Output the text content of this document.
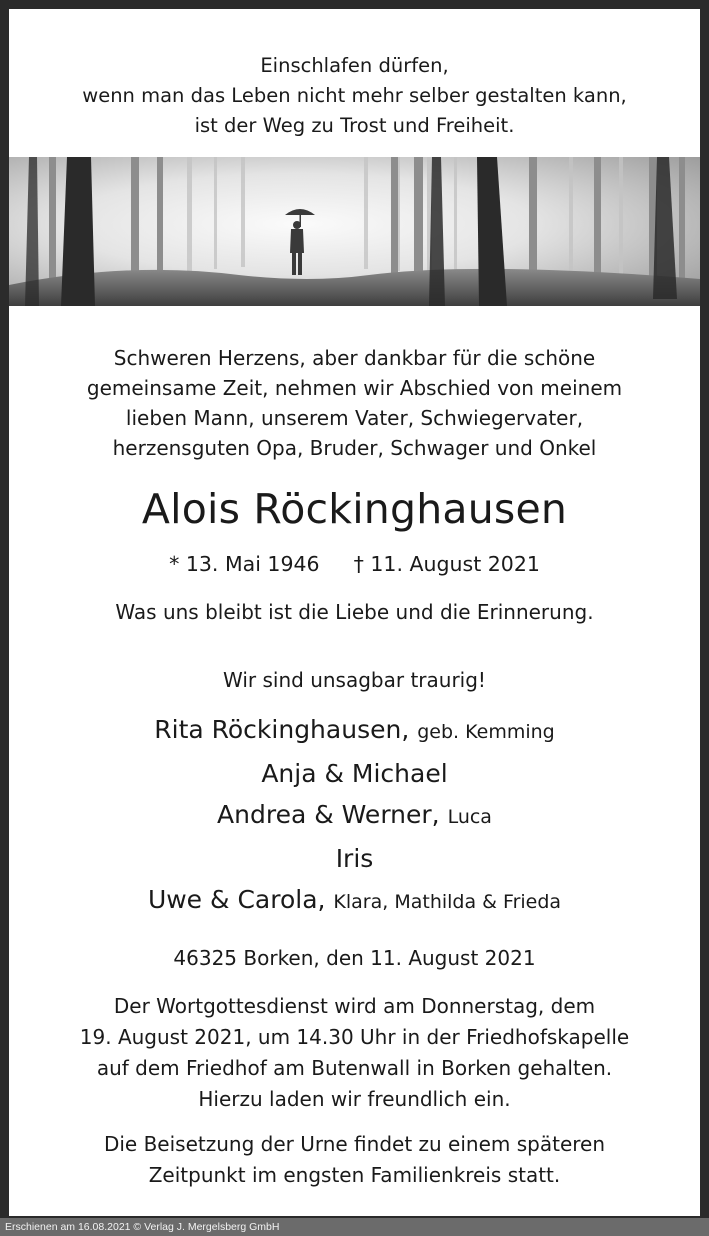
Einschlafen dürfen,
wenn man das Leben nicht mehr selber gestalten kann,
ist der Weg zu Trost und Freiheit.
Schweren Herzens, aber dankbar für die schöne
gemeinsame Zeit, nehmen wir Abschied von meinem
lieben Mann, unserem Vater, Schwiegervater,
herzensguten Opa, Bruder, Schwager und Onkel
Alois Röckinghausen
* 13. Mai 1946 † 11. August 2021
Was uns bleibt ist die Liebe und die Erinnerung.
Wir sind unsagbar traurig!
Rita Röckinghausen, geb. Kemming
Anja & Michael
Andrea & Werner, Luca
Iris
Uwe & Carola, Klara, Mathilda & Frieda
46325 Borken, den 11. August 2021
Der Wortgottesdienst wird am Donnerstag, dem
19. August 2021, um 14.30 Uhr in der Friedhofskapelle
auf dem Friedhof am Butenwall in Borken gehalten.
Hierzu laden wir freundlich ein.
Die Beisetzung der Urne findet zu einem späteren
Zeitpunkt im engsten Familienkreis statt.
Erschienen am 16.08.2021 © Verlag J. Mergelsberg GmbH
